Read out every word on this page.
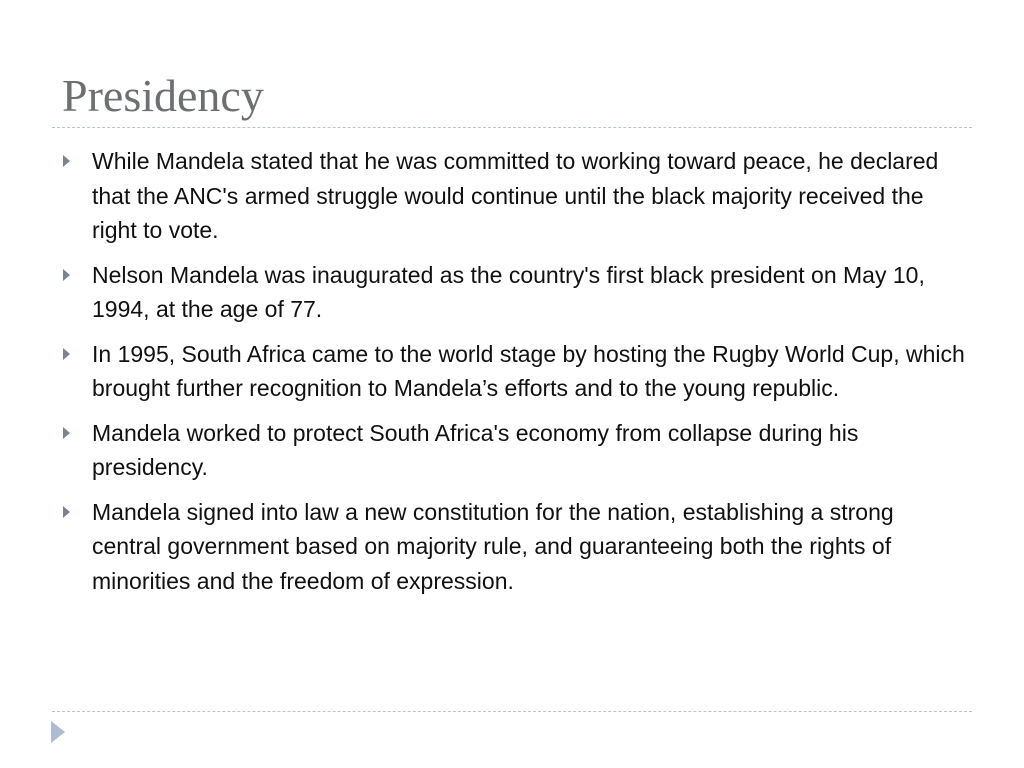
Presidency
While Mandela stated that he was committed to working toward peace, he declared that the ANC's armed struggle would continue until the black majority received the right to vote.
Nelson Mandela was inaugurated as the country's first black president on May 10, 1994, at the age of 77.
In 1995, South Africa came to the world stage by hosting the Rugby World Cup, which brought further recognition to Mandela’s efforts and to the young republic.
Mandela worked to protect South Africa's economy from collapse during his presidency.
Mandela signed into law a new constitution for the nation, establishing a strong central government based on majority rule, and guaranteeing both the rights of minorities and the freedom of expression.
